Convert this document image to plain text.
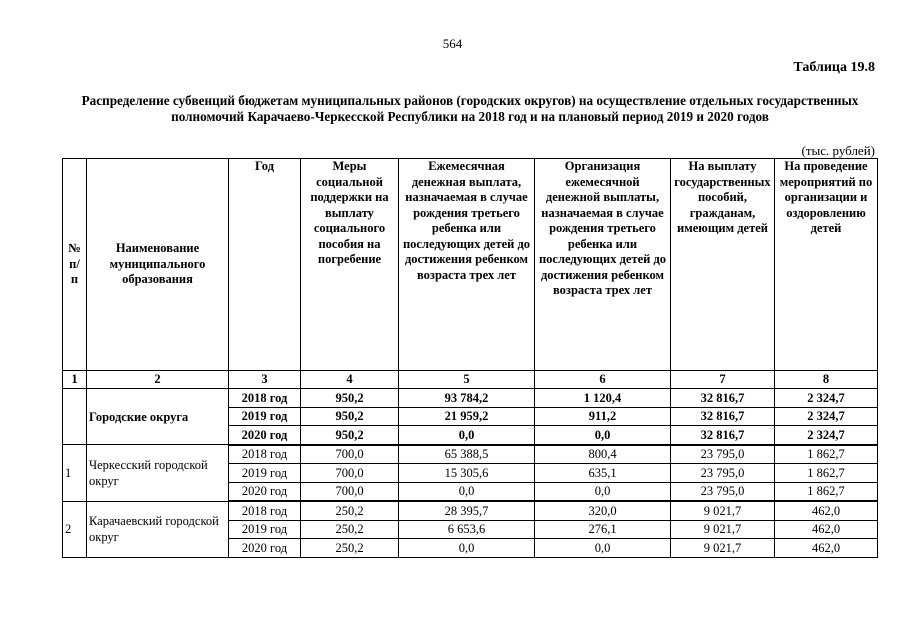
564
Таблица 19.8
Распределение субвенций бюджетам муниципальных районов (городских округов) на осуществление отдельных государственных полномочий Карачаево-Черкесской Республики на 2018 год и на плановый период 2019 и 2020 годов
(тыс. рублей)
№ п/ п	Наименование муниципального образования	Год	Меры социальной поддержки на выплату социального пособия на погребение	Ежемесячная денежная выплата, назначаемая в случае рождения третьего ребенка или последующих детей до достижения ребенком возраста трех лет	Организация ежемесячной денежной выплаты, назначаемая в случае рождения третьего ребенка или последующих детей до достижения ребенком возраста трех лет	На выплату государственных пособий, гражданам, имеющим детей	На проведение мероприятий по организации и оздоровлению детей
1	2	3	4	5	6	7	8
	Городские округа	2018 год	950,2	93 784,2	1 120,4	32 816,7	2 324,7
		2019 год	950,2	21 959,2	911,2	32 816,7	2 324,7
		2020 год	950,2	0,0	0,0	32 816,7	2 324,7
1	Черкесский городской округ	2018 год	700,0	65 388,5	800,4	23 795,0	1 862,7
		2019 год	700,0	15 305,6	635,1	23 795,0	1 862,7
		2020 год	700,0	0,0	0,0	23 795,0	1 862,7
2	Карачаевский городской округ	2018 год	250,2	28 395,7	320,0	9 021,7	462,0
		2019 год	250,2	6 653,6	276,1	9 021,7	462,0
		2020 год	250,2	0,0	0,0	9 021,7	462,0
